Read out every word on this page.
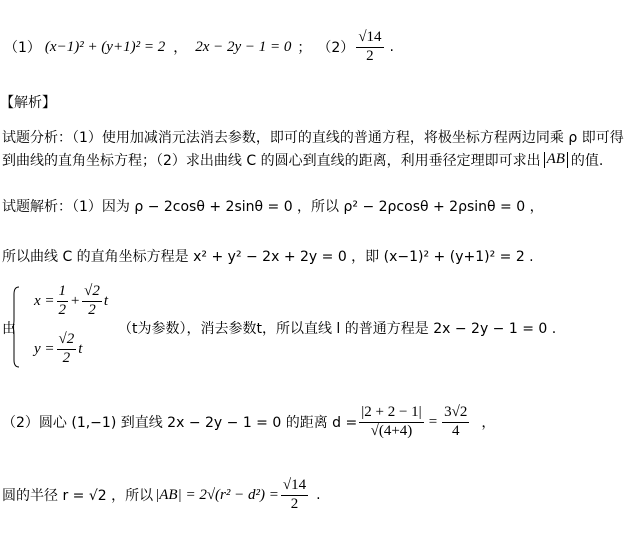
（1） (x−1)² + (y+1)² = 2 ， 2x − 2y − 1 = 0 ； $(2) \frac{√14}{2}$ .
【解析】
试题分析：（1）使用加减消元法消去参数，即可的直线的普通方程，将极坐标方程两边同乘 ρ 即可得
到曲线的直角坐标方程；（2）求出曲线 C 的圆心到直线的距离，利用垂径定理即可求出 AB 的值.
试题解析：（1）因为 ρ − 2cosθ + 2sinθ = 0 ，所以 ρ² − 2ρcosθ + 2ρsinθ = 0 ，
所以曲线 C 的直角坐标方程是 x² + y² − 2x + 2y = 0 ，即 (x−1)² + (y+1)² = 2 .
由
$x = \frac{1}{2} + \frac{√2}{2}$ t
$y = \frac{√2}{2}$ t
（t为参数），消去参数t，所以直线 l 的普通方程是 2x − 2y − 1 = 0 .
（2）圆心 (1,−1) 到直线 2x − 2y − 1 = 0 的距离 $d = \frac{|2 + 2 - 1|}{√(4+4)} = \frac{3√2}{4}$ ，
圆的半径 r = √2 ，所以 $|AB| = 2√(r^2 - d^2) = \frac{√14}{2}$ .
